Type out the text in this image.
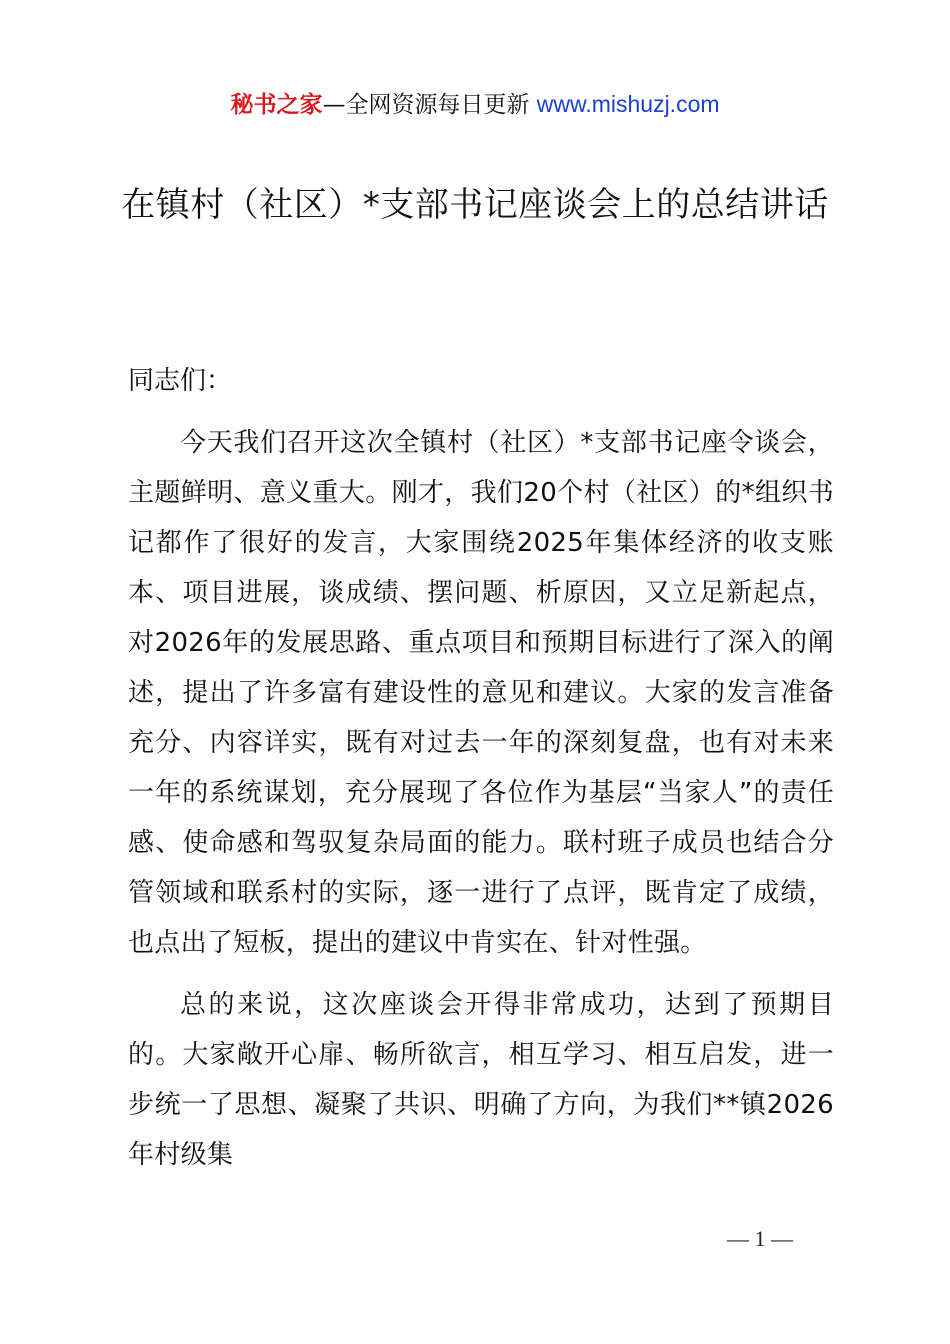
秘书之家—全网资源每日更新 www.mishuzj.com
在镇村（社区）*支部书记座谈会上的总结讲话
同志们：

今天我们召开这次全镇村（社区）*支部书记座令谈会，主题鲜明、意义重大。刚才，我们20个村（社区）的*组织书记都作了很好的发言，大家围绕2025年集体经济的收支账本、项目进展，谈成绩、摆问题、析原因，又立足新起点，对2026年的发展思路、重点项目和预期目标进行了深入的阐述，提出了许多富有建设性的意见和建议。大家的发言准备充分、内容详实，既有对过去一年的深刻复盘，也有对未来一年的系统谋划，充分展现了各位作为基层“当家人”的责任感、使命感和驾驭复杂局面的能力。联村班子成员也结合分管领域和联系村的实际，逐一进行了点评，既肯定了成绩，也点出了短板，提出的建议中肯实在、针对性强。

总的来说，这次座谈会开得非常成功，达到了预期目的。大家敞开心扉、畅所欲言，相互学习、相互启发，进一步统一了思想、凝聚了共识、明确了方向，为我们**镇2026年村级集

— 1 —
